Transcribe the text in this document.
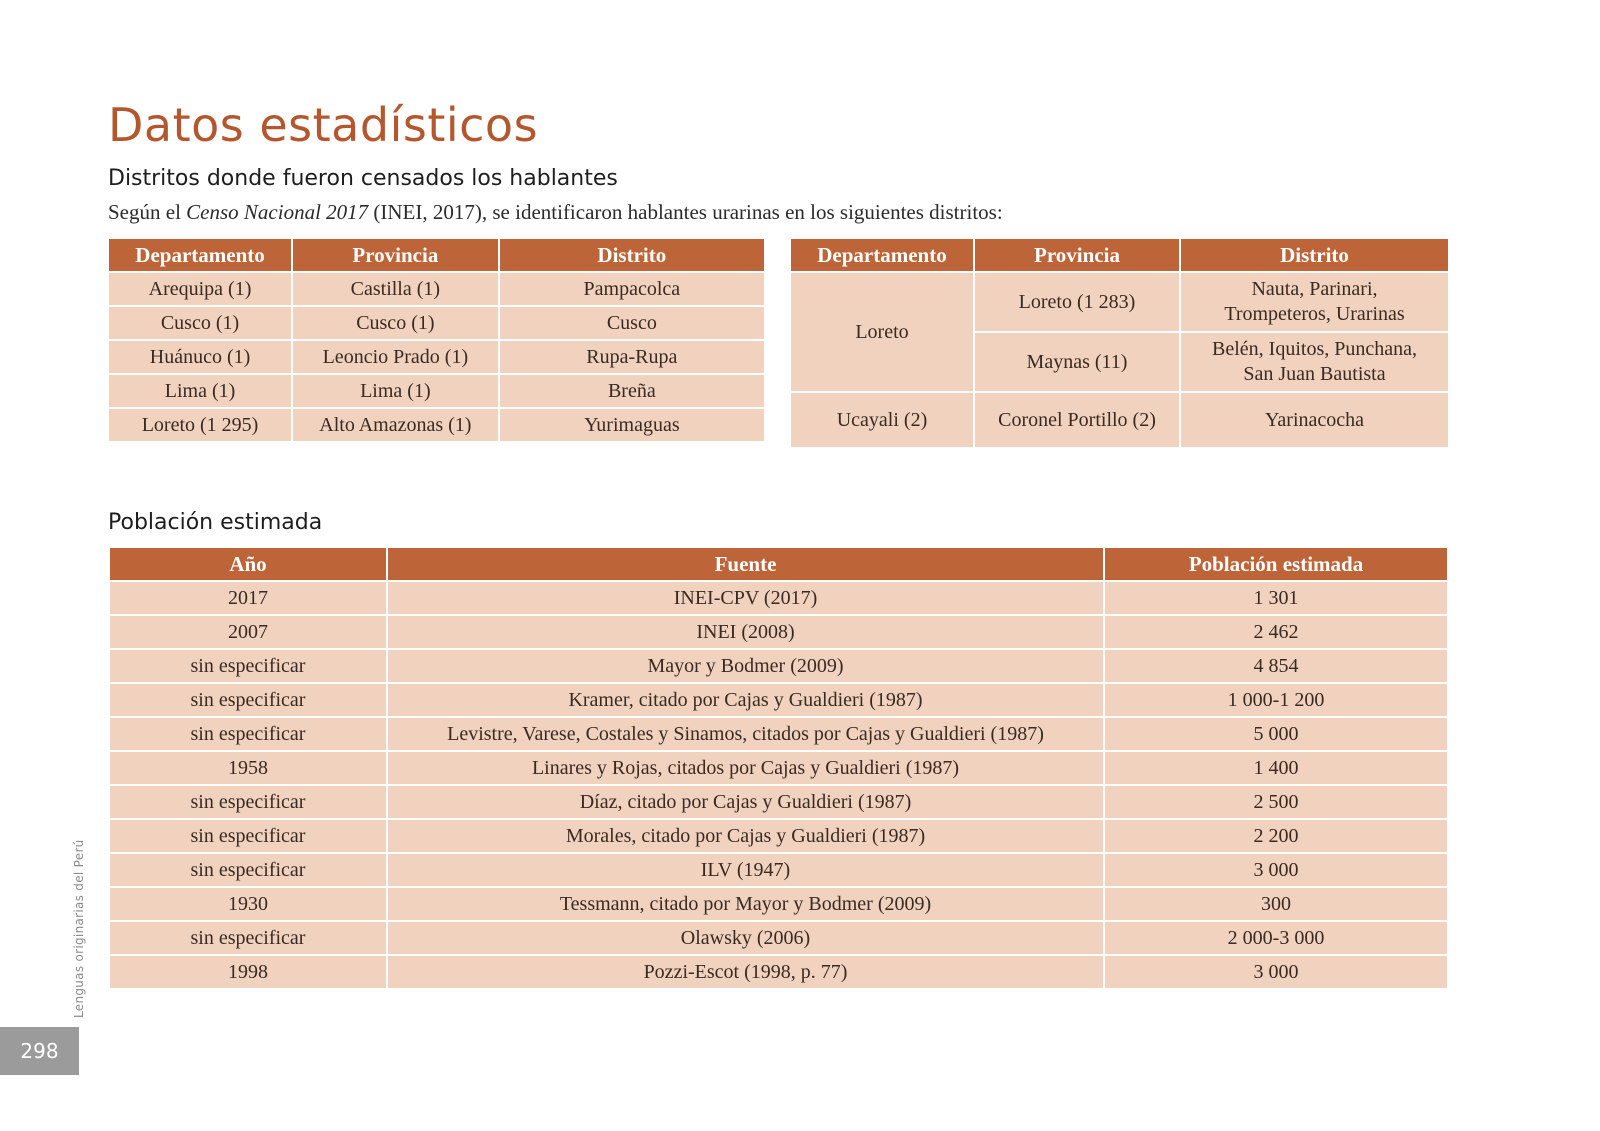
Datos estadísticos
Distritos donde fueron censados los hablantes

Según el Censo Nacional 2017 (INEI, 2017), se identificaron hablantes urarinas en los siguientes distritos:

Departamento	Provincia	Distrito
Arequipa (1)	Castilla (1)	Pampacolca
Cusco (1)	Cusco (1)	Cusco
Huánuco (1)	Leoncio Prado (1)	Rupa-Rupa
Lima (1)	Lima (1)	Breña
Loreto (1 295)	Alto Amazonas (1)	Yurimaguas
Departamento	Provincia	Distrito
Loreto	Loreto (1 283)	Nauta, Parinari,
Trompeteros, Urarinas
	Maynas (11)	Belén, Iquitos, Punchana,
San Juan Bautista
Ucayali (2)	Coronel Portillo (2)	Yarinacocha
Población estimada
Año	Fuente	Población estimada
2017	INEI-CPV (2017)	1 301
2007	INEI (2008)	2 462
sin especificar	Mayor y Bodmer (2009)	4 854
sin especificar	Kramer, citado por Cajas y Gualdieri (1987)	1 000-1 200
sin especificar	Levistre, Varese, Costales y Sinamos, citados por Cajas y Gualdieri (1987)	5 000
1958	Linares y Rojas, citados por Cajas y Gualdieri (1987)	1 400
sin especificar	Díaz, citado por Cajas y Gualdieri (1987)	2 500
sin especificar	Morales, citado por Cajas y Gualdieri (1987)	2 200
sin especificar	ILV (1947)	3 000
1930	Tessmann, citado por Mayor y Bodmer (2009)	300
sin especificar	Olawsky (2006)	2 000-3 000
1998	Pozzi-Escot (1998, p. 77)	3 000
Lenguas originarias del Perú
298
